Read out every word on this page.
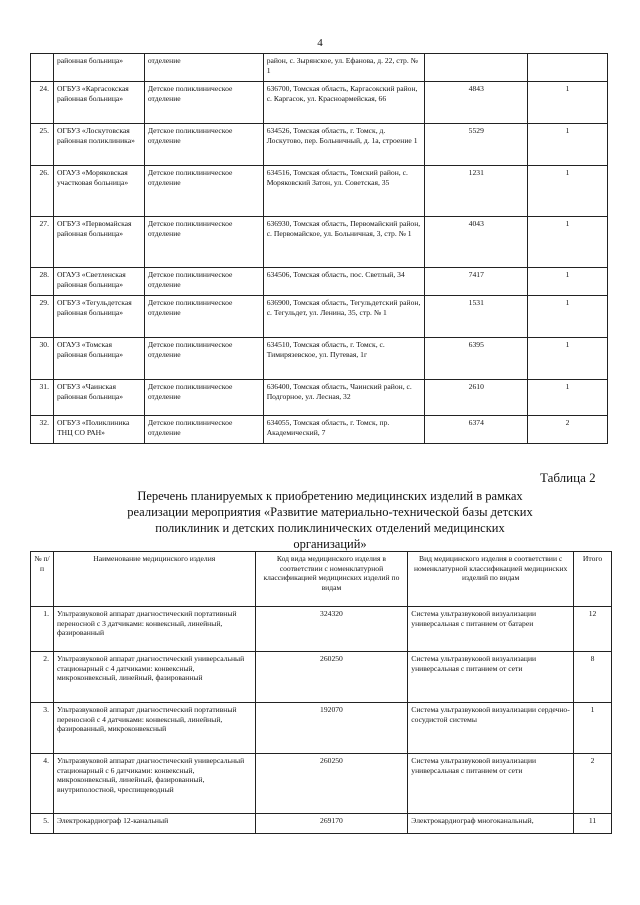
4
	районная больница»	отделение	район, с. Зырянское, ул. Ефанова, д. 22, стр. № 1		
24.	ОГБУЗ «Каргасокская районная больница»	Детское поликлиническое отделение	636700, Томская область, Каргасокский район, с. Каргасок, ул. Красноармейская, 66	4843	1
25.	ОГБУЗ «Лоскутовская районная поликлиника»	Детское поликлиническое отделение	634526, Томская область, г. Томск, д. Лоскутово, пер. Больничный, д. 1а, строение 1	5529	1
26.	ОГАУЗ «Моряковская участковая больница»	Детское поликлиническое отделение	634516, Томская область, Томский район, с. Моряковский Затон, ул. Советская, 35	1231	1
27.	ОГБУЗ «Первомайская районная больница»	Детское поликлиническое отделение	636930, Томская область, Первомайский район, с. Первомайское, ул. Больничная, 3, стр. № 1	4043	1
28.	ОГАУЗ «Светленская районная больница»	Детское поликлиническое отделение	634506, Томская область, пос. Светлый, 34	7417	1
29.	ОГБУЗ «Тегульдетская районная больница»	Детское поликлиническое отделение	636900, Томская область, Тегульдетский район, с. Тегульдет, ул. Ленина, 35, стр. № 1	1531	1
30.	ОГАУЗ «Томская районная больница»	Детское поликлиническое отделение	634510, Томская область, г. Томск, с. Тимирязевское, ул. Путевая, 1г	6395	1
31.	ОГБУЗ «Чаинская районная больница»	Детское поликлиническое отделение	636400, Томская область, Чаинский район, с. Подгорное, ул. Лесная, 32	2610	1
32.	ОГБУЗ «Поликлиника ТНЦ СО РАН»	Детское поликлиническое отделение	634055, Томская область, г. Томск, пр. Академический, 7	6374	2
Таблица 2
Перечень планируемых к приобретению медицинских изделий в рамках реализации мероприятия «Развитие материально-технической базы детских поликлиник и детских поликлинических отделений медицинских организаций»
№ п/п	Наименование медицинского изделия	Код вида медицинского изделия в соответствии с номенклатурной классификацией медицинских изделий по видам	Вид медицинского изделия в соответствии с номенклатурной классификацией медицинских изделий по видам	Итого
1.	Ультразвуковой аппарат диагностический портативный переносной с 3 датчиками: конвексный, линейный, фазированный	324320	Система ультразвуковой визуализации универсальная с питанием от батареи	12
2.	Ультразвуковой аппарат диагностический универсальный стационарный с 4 датчиками: конвексный, микроконвексный, линейный, фазированный	260250	Система ультразвуковой визуализации универсальная с питанием от сети	8
3.	Ультразвуковой аппарат диагностический портативный переносной с 4 датчиками: конвексный, линейный, фазированный, микроконвексный	192070	Система ультразвуковой визуализации сердечно-сосудистой системы	1
4.	Ультразвуковой аппарат диагностический универсальный стационарный с 6 датчиками: конвексный, микроконвексный, линейный, фазированный, внутриполостной, чреспищеводный	260250	Система ультразвуковой визуализации универсальная с питанием от сети	2
5.	Электрокардиограф 12-канальный	269170	Электрокардиограф многоканальный,	11
